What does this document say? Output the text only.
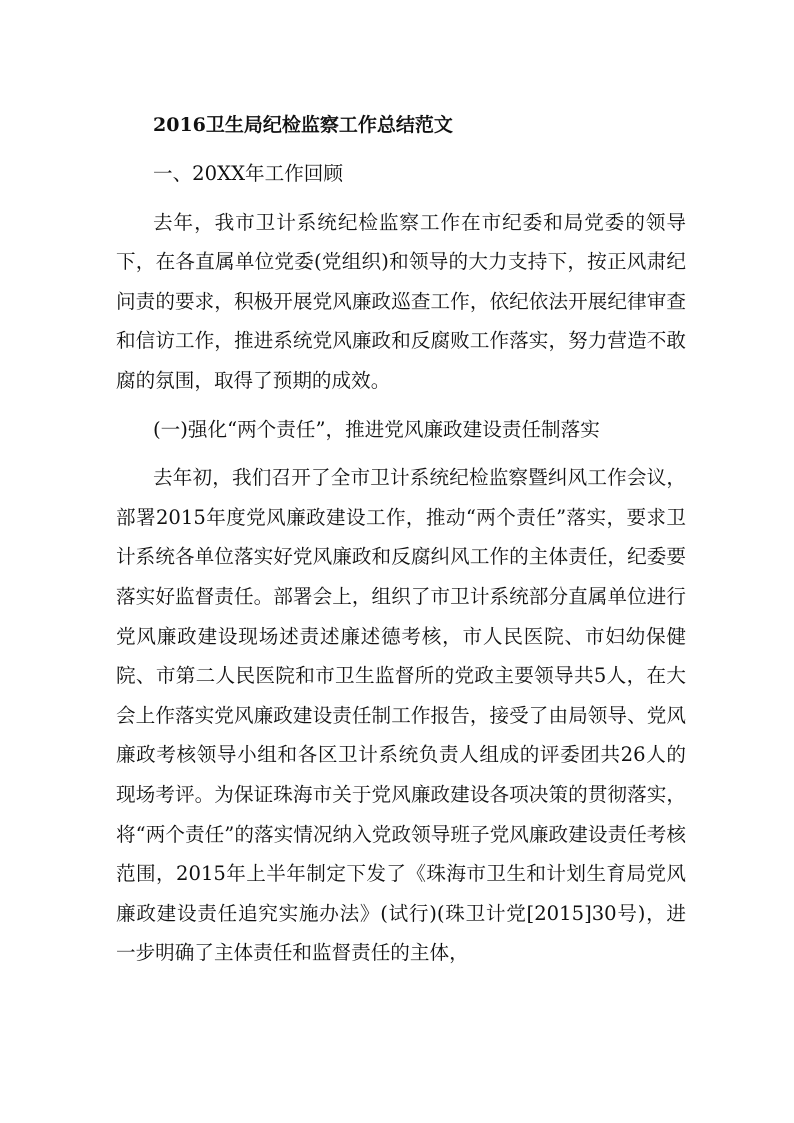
2016卫生局纪检监察工作总结范文
一、20XX年工作回顾
去年，我市卫计系统纪检监察工作在市纪委和局党委的领导下，在各直属单位党委(党组织)和领导的大力支持下，按正风肃纪问责的要求，积极开展党风廉政巡查工作，依纪依法开展纪律审查和信访工作，推进系统党风廉政和反腐败工作落实，努力营造不敢腐的氛围，取得了预期的成效。
(一)强化“两个责任”，推进党风廉政建设责任制落实
去年初，我们召开了全市卫计系统纪检监察暨纠风工作会议，部署2015年度党风廉政建设工作，推动“两个责任”落实，要求卫计系统各单位落实好党风廉政和反腐纠风工作的主体责任，纪委要落实好监督责任。部署会上，组织了市卫计系统部分直属单位进行党风廉政建设现场述责述廉述德考核，市人民医院、市妇幼保健院、市第二人民医院和市卫生监督所的党政主要领导共5人，在大会上作落实党风廉政建设责任制工作报告，接受了由局领导、党风廉政考核领导小组和各区卫计系统负责人组成的评委团共26人的现场考评。为保证珠海市关于党风廉政建设各项决策的贯彻落实，将“两个责任”的落实情况纳入党政领导班子党风廉政建设责任考核范围，2015年上半年制定下发了《珠海市卫生和计划生育局党风廉政建设责任追究实施办法》(试行)(珠卫计党[2015]30号)，进一步明确了主体责任和监督责任的主体，
